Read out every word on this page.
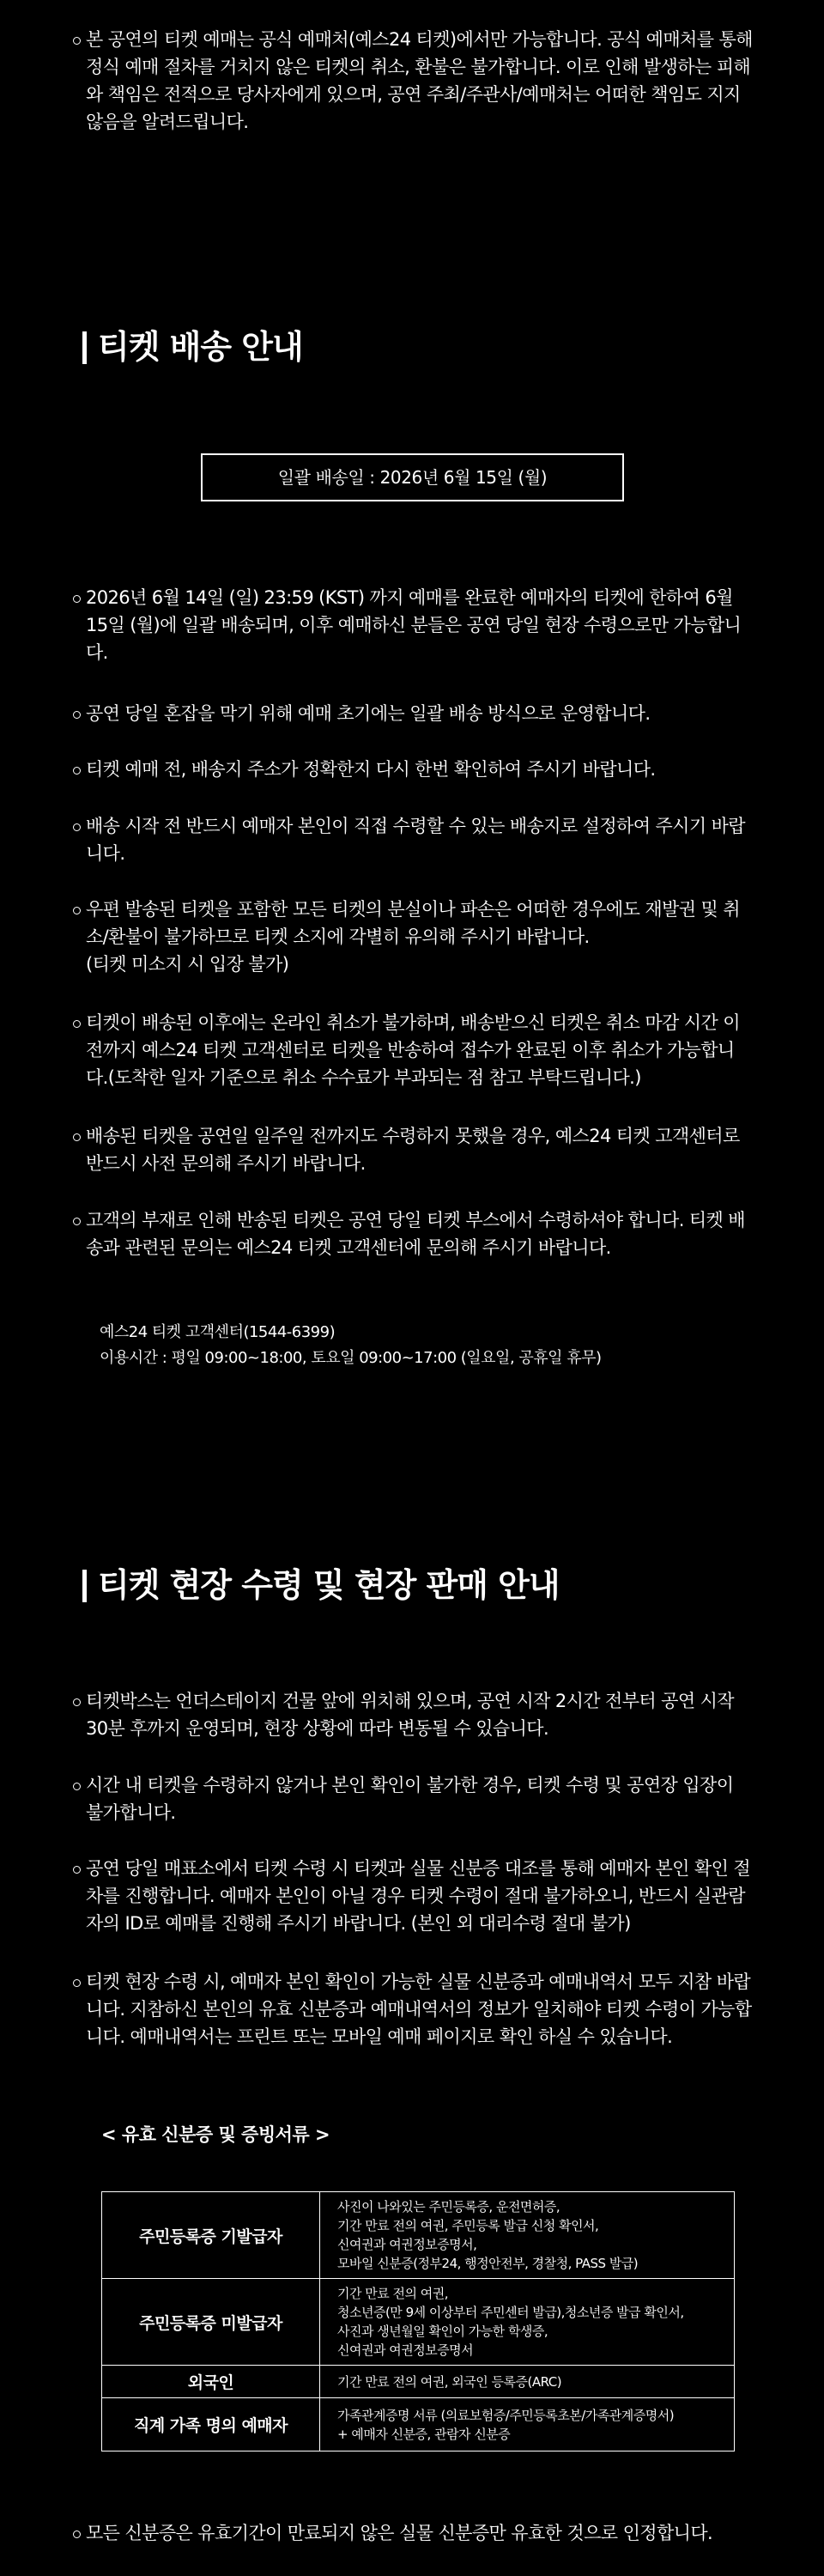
본 공연의 티켓 예매는 공식 예매처(예스24 티켓)에서만 가능합니다. 공식 예매처를 통해 정식 예매 절차를 거치지 않은 티켓의 취소, 환불은 불가합니다. 이로 인해 발생하는 피해와 책임은 전적으로 당사자에게 있으며, 공연 주최/주관사/예매처는 어떠한 책임도 지지않음을 알려드립니다.
티켓 배송 안내
일괄 배송일 : 2026년 6월 15일 (월)
2026년 6월 14일 (일) 23:59 (KST) 까지 예매를 완료한 예매자의 티켓에 한하여 6월 15일 (월)에 일괄 배송되며, 이후 예매하신 분들은 공연 당일 현장 수령으로만 가능합니다.
공연 당일 혼잡을 막기 위해 예매 초기에는 일괄 배송 방식으로 운영합니다.
티켓 예매 전, 배송지 주소가 정확한지 다시 한번 확인하여 주시기 바랍니다.
배송 시작 전 반드시 예매자 본인이 직접 수령할 수 있는 배송지로 설정하여 주시기 바랍니다.
우편 발송된 티켓을 포함한 모든 티켓의 분실이나 파손은 어떠한 경우에도 재발권 및 취소/환불이 불가하므로 티켓 소지에 각별히 유의해 주시기 바랍니다.
(티켓 미소지 시 입장 불가)
티켓이 배송된 이후에는 온라인 취소가 불가하며, 배송받으신 티켓은 취소 마감 시간 이전까지 예스24 티켓 고객센터로 티켓을 반송하여 접수가 완료된 이후 취소가 가능합니다.(도착한 일자 기준으로 취소 수수료가 부과되는 점 참고 부탁드립니다.)
배송된 티켓을 공연일 일주일 전까지도 수령하지 못했을 경우, 예스24 티켓 고객센터로 반드시 사전 문의해 주시기 바랍니다.
고객의 부재로 인해 반송된 티켓은 공연 당일 티켓 부스에서 수령하셔야 합니다. 티켓 배송과 관련된 문의는 예스24 티켓 고객센터에 문의해 주시기 바랍니다.
예스24 티켓 고객센터(1544-6399)
이용시간 : 평일 09:00~18:00, 토요일 09:00~17:00 (일요일, 공휴일 휴무)
티켓 현장 수령 및 현장 판매 안내
티켓박스는 언더스테이지 건물 앞에 위치해 있으며, 공연 시작 2시간 전부터 공연 시작 30분 후까지 운영되며, 현장 상황에 따라 변동될 수 있습니다.
시간 내 티켓을 수령하지 않거나 본인 확인이 불가한 경우, 티켓 수령 및 공연장 입장이 불가합니다.
공연 당일 매표소에서 티켓 수령 시 티켓과 실물 신분증 대조를 통해 예매자 본인 확인 절차를 진행합니다. 예매자 본인이 아닐 경우 티켓 수령이 절대 불가하오니, 반드시 실관람자의 ID로 예매를 진행해 주시기 바랍니다. (본인 외 대리수령 절대 불가)
티켓 현장 수령 시, 예매자 본인 확인이 가능한 실물 신분증과 예매내역서 모두 지참 바랍니다. 지참하신 본인의 유효 신분증과 예매내역서의 정보가 일치해야 티켓 수령이 가능합니다. 예매내역서는 프린트 또는 모바일 예매 페이지로 확인 하실 수 있습니다.
< 유효 신분증 및 증빙서류 >
주민등록증 기발급자	사진이 나와있는 주민등록증, 운전면허증,
기간 만료 전의 여권, 주민등록 발급 신청 확인서,
신여권과 여권정보증명서,
모바일 신분증(정부24, 행정안전부, 경찰청, PASS 발급)

주민등록증 미발급자	기간 만료 전의 여권,
청소년증(만 9세 이상부터 주민센터 발급),청소년증 발급 확인서,
사진과 생년월일 확인이 가능한 학생증,
신여권과 여권정보증명서

외국인	기간 만료 전의 여권, 외국인 등록증(ARC)

직계 가족 명의 예매자	가족관계증명 서류 (의료보험증/주민등록초본/가족관계증명서)
+ 예매자 신분증, 관람자 신분증
모든 신분증은 유효기간이 만료되지 않은 실물 신분증만 유효한 것으로 인정합니다.
